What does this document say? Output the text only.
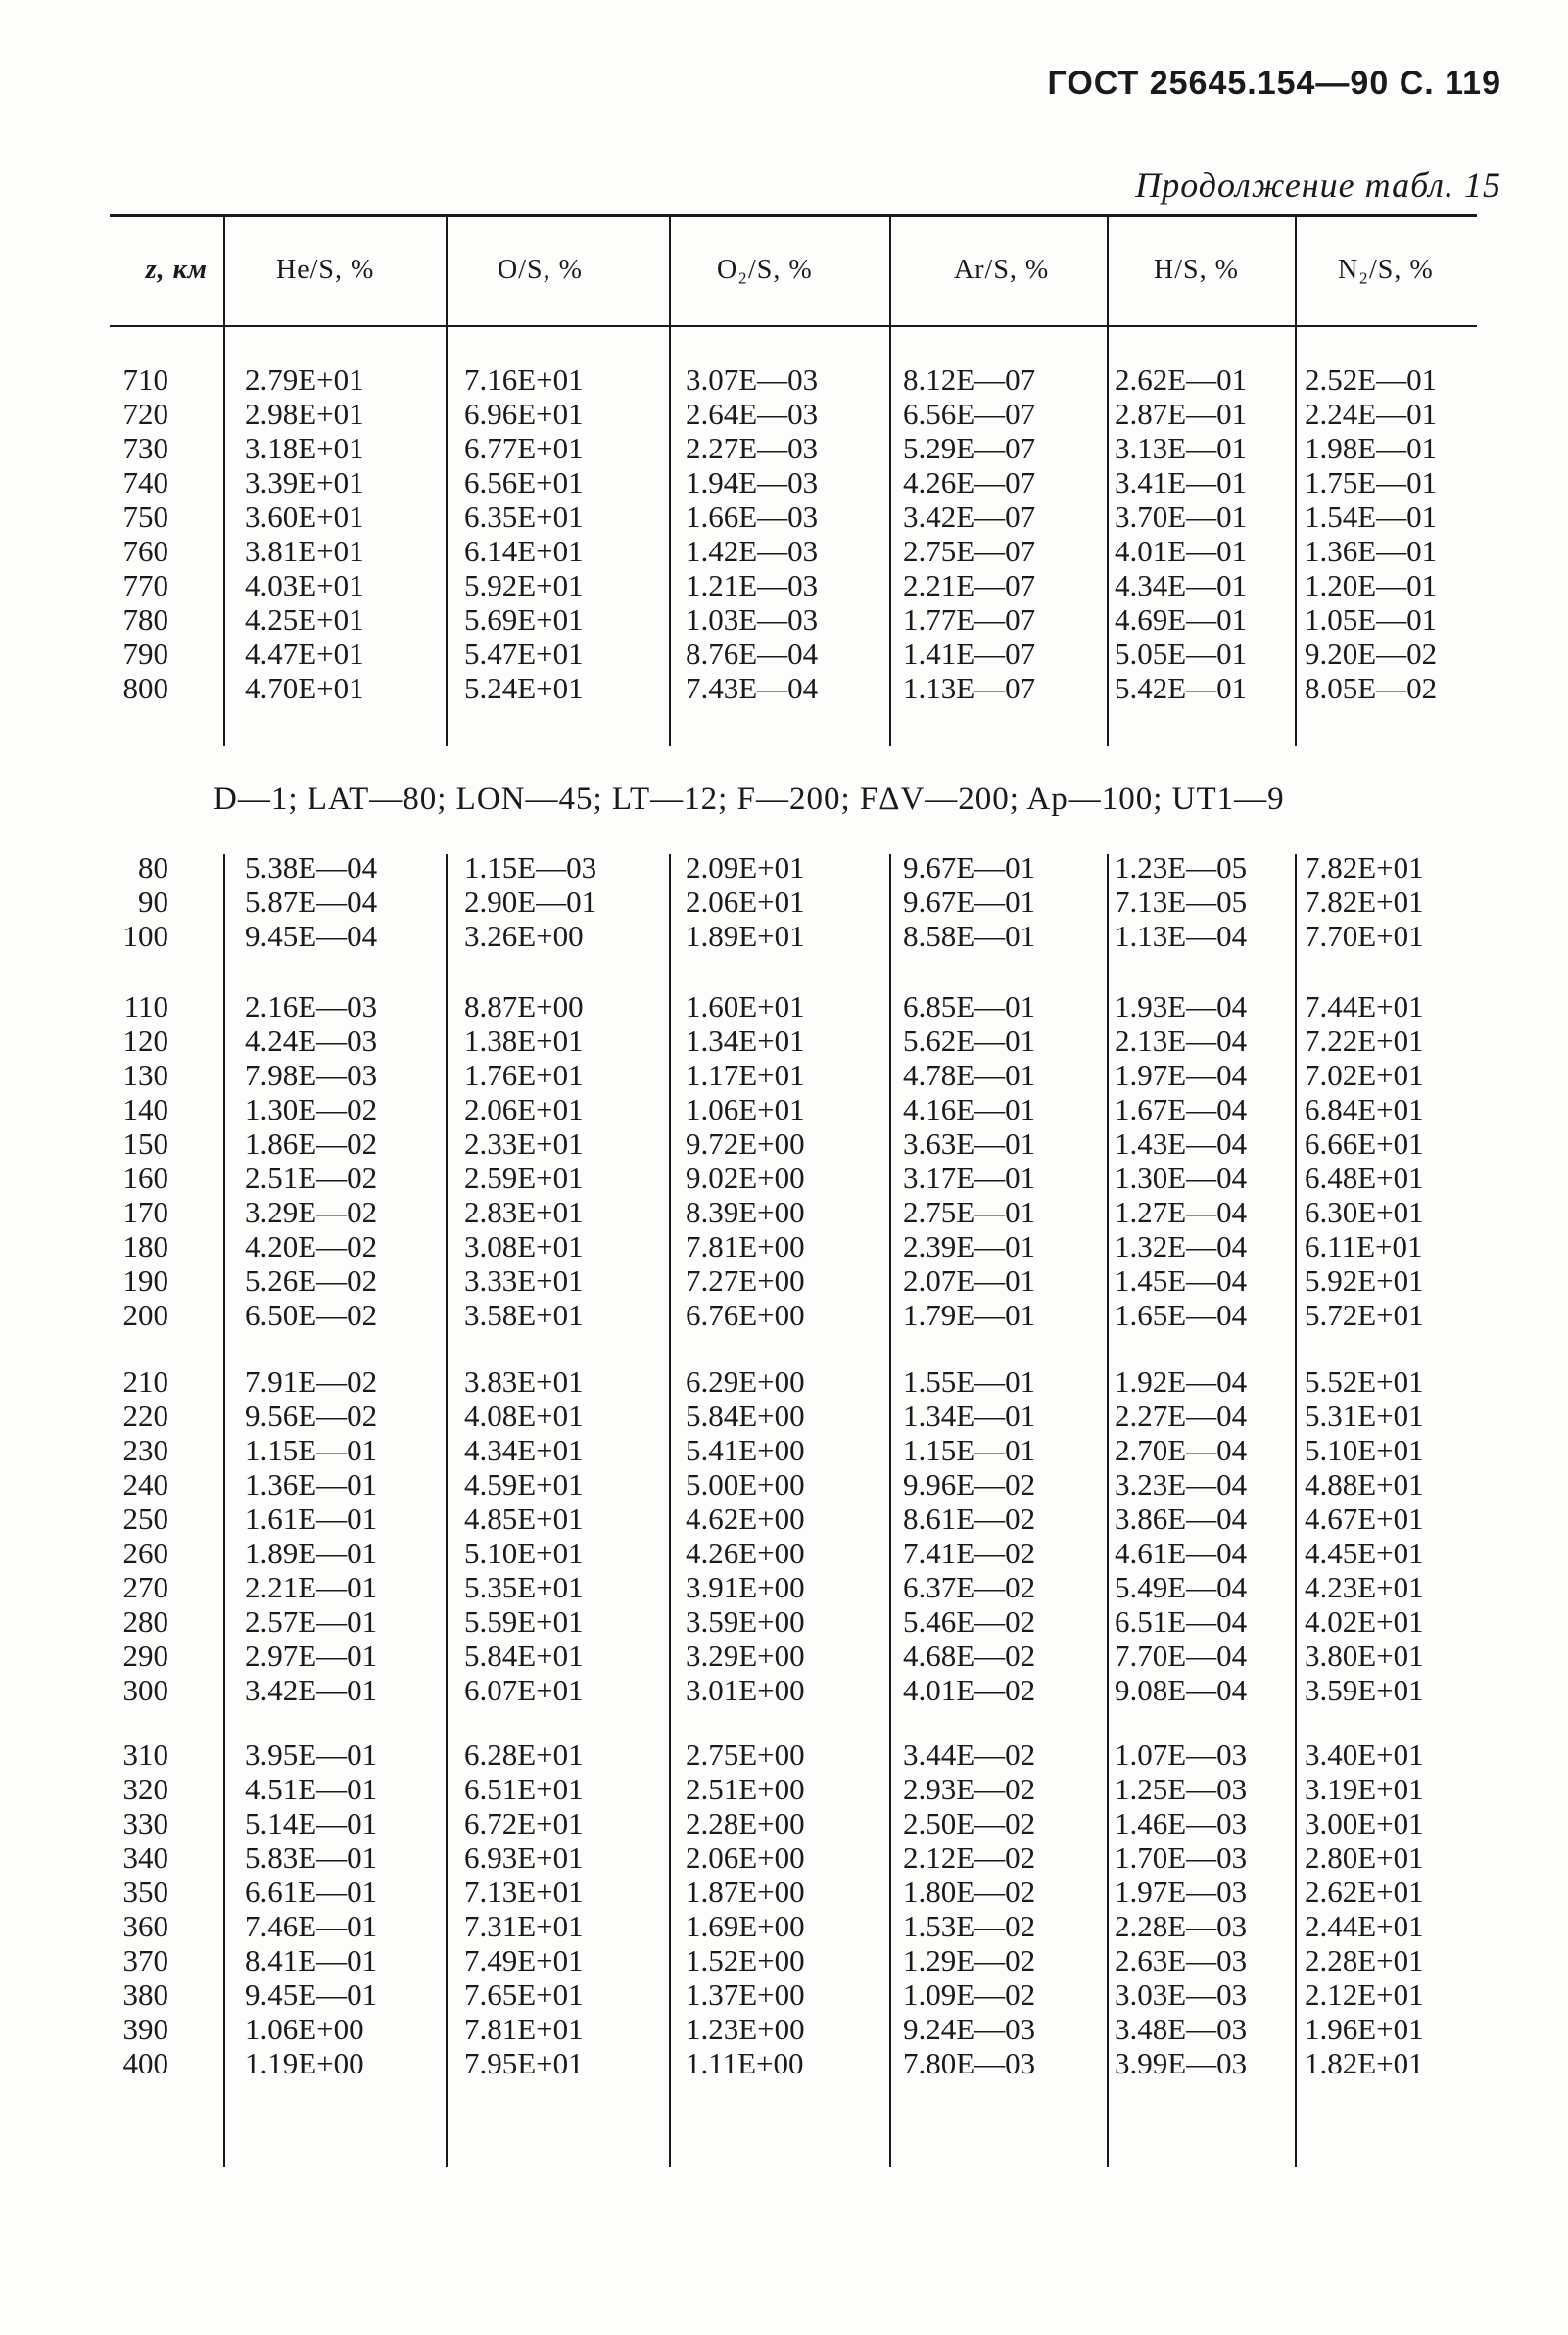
ГОСТ 25645.154—90 С. 119
Продолжение табл. 15
z, км	He/S, %	O/S, %	O₂/S, %	Ar/S, %	H/S, %	N₂/S, %
710	2.79E+01	7.16E+01	3.07E—03	8.12E—07	2.62E—01 2.52E—01
720	2.98E+01	6.96E+01	2.64E—03	6.56E—07	2.87E—01 2.24E—01
730	3.18E+01	6.77E+01	2.27E—03	5.29E—07	3.13E—01 1.98E—01
740	3.39E+01	6.56E+01	1.94E—03	4.26E—07	3.41E—01 1.75E—01
750	3.60E+01	6.35E+01	1.66E—03	3.42E—07	3.70E—01 1.54E—01
760	3.81E+01	6.14E+01	1.42E—03	2.75E—07	4.01E—01 1.36E—01
770	4.03E+01	5.92E+01	1.21E—03	2.21E—07	4.34E—01 1.20E—01
780	4.25E+01	5.69E+01	1.03E—03	1.77E—07	4.69E—01 1.05E—01
790	4.47E+01	5.47E+01	8.76E—04	1.41E—07	5.05E—01 9.20E—02
800	4.70E+01	5.24E+01	7.43E—04	1.13E—07	5.42E—01 8.05E—02
80	5.38E—04	1.15E—03	2.09E+01	9.67E—01	1.23E—05 7.82E+01
90	5.87E—04	2.90E—01	2.06E+01	9.67E—01	7.13E—05 7.82E+01
100	9.45E—04	3.26E+00	1.89E+01	8.58E—01	1.13E—04 7.70E+01
110	2.16E—03	8.87E+00	1.60E+01	6.85E—01	1.93E—04 7.44E+01
120	4.24E—03	1.38E+01	1.34E+01	5.62E—01	2.13E—04 7.22E+01
130	7.98E—03	1.76E+01	1.17E+01	4.78E—01	1.97E—04 7.02E+01
140	1.30E—02	2.06E+01	1.06E+01	4.16E—01	1.67E—04 6.84E+01
150	1.86E—02	2.33E+01	9.72E+00	3.63E—01	1.43E—04 6.66E+01
160	2.51E—02	2.59E+01	9.02E+00	3.17E—01	1.30E—04 6.48E+01
170	3.29E—02	2.83E+01	8.39E+00	2.75E—01	1.27E—04 6.30E+01
180	4.20E—02	3.08E+01	7.81E+00	2.39E—01	1.32E—04 6.11E+01
190	5.26E—02	3.33E+01	7.27E+00	2.07E—01	1.45E—04 5.92E+01
200	6.50E—02	3.58E+01	6.76E+00	1.79E—01	1.65E—04 5.72E+01
210	7.91E—02	3.83E+01	6.29E+00	1.55E—01	1.92E—04 5.52E+01
220	9.56E—02	4.08E+01	5.84E+00	1.34E—01	2.27E—04 5.31E+01
230	1.15E—01	4.34E+01	5.41E+00	1.15E—01	2.70E—04 5.10E+01
240	1.36E—01	4.59E+01	5.00E+00	9.96E—02	3.23E—04 4.88E+01
250	1.61E—01	4.85E+01	4.62E+00	8.61E—02	3.86E—04 4.67E+01
260	1.89E—01	5.10E+01	4.26E+00	7.41E—02	4.61E—04 4.45E+01
270	2.21E—01	5.35E+01	3.91E+00	6.37E—02	5.49E—04 4.23E+01
280	2.57E—01	5.59E+01	3.59E+00	5.46E—02	6.51E—04 4.02E+01
290	2.97E—01	5.84E+01	3.29E+00	4.68E—02	7.70E—04 3.80E+01
300	3.42E—01	6.07E+01	3.01E+00	4.01E—02	9.08E—04 3.59E+01
310	3.95E—01	6.28E+01	2.75E+00	3.44E—02	1.07E—03 3.40E+01
320	4.51E—01	6.51E+01	2.51E+00	2.93E—02	1.25E—03 3.19E+01
330	5.14E—01	6.72E+01	2.28E+00	2.50E—02	1.46E—03 3.00E+01
340	5.83E—01	6.93E+01	2.06E+00	2.12E—02	1.70E—03 2.80E+01
350	6.61E—01	7.13E+01	1.87E+00	1.80E—02	1.97E—03 2.62E+01
360	7.46E—01	7.31E+01	1.69E+00	1.53E—02	2.28E—03 2.44E+01
370	8.41E—01	7.49E+01	1.52E+00	1.29E—02	2.63E—03 2.28E+01
380	9.45E—01	7.65E+01	1.37E+00	1.09E—02	3.03E—03 2.12E+01
390	1.06E+00	7.81E+01	1.23E+00	9.24E—03	3.48E—03 1.96E+01
400	1.19E+00	7.95E+01	1.11E+00	7.80E—03	3.99E—03 1.82E+01
D—1; LAT—80; LON—45; LT—12; F—200; FΔV—200; Ap—100; UT1—9
